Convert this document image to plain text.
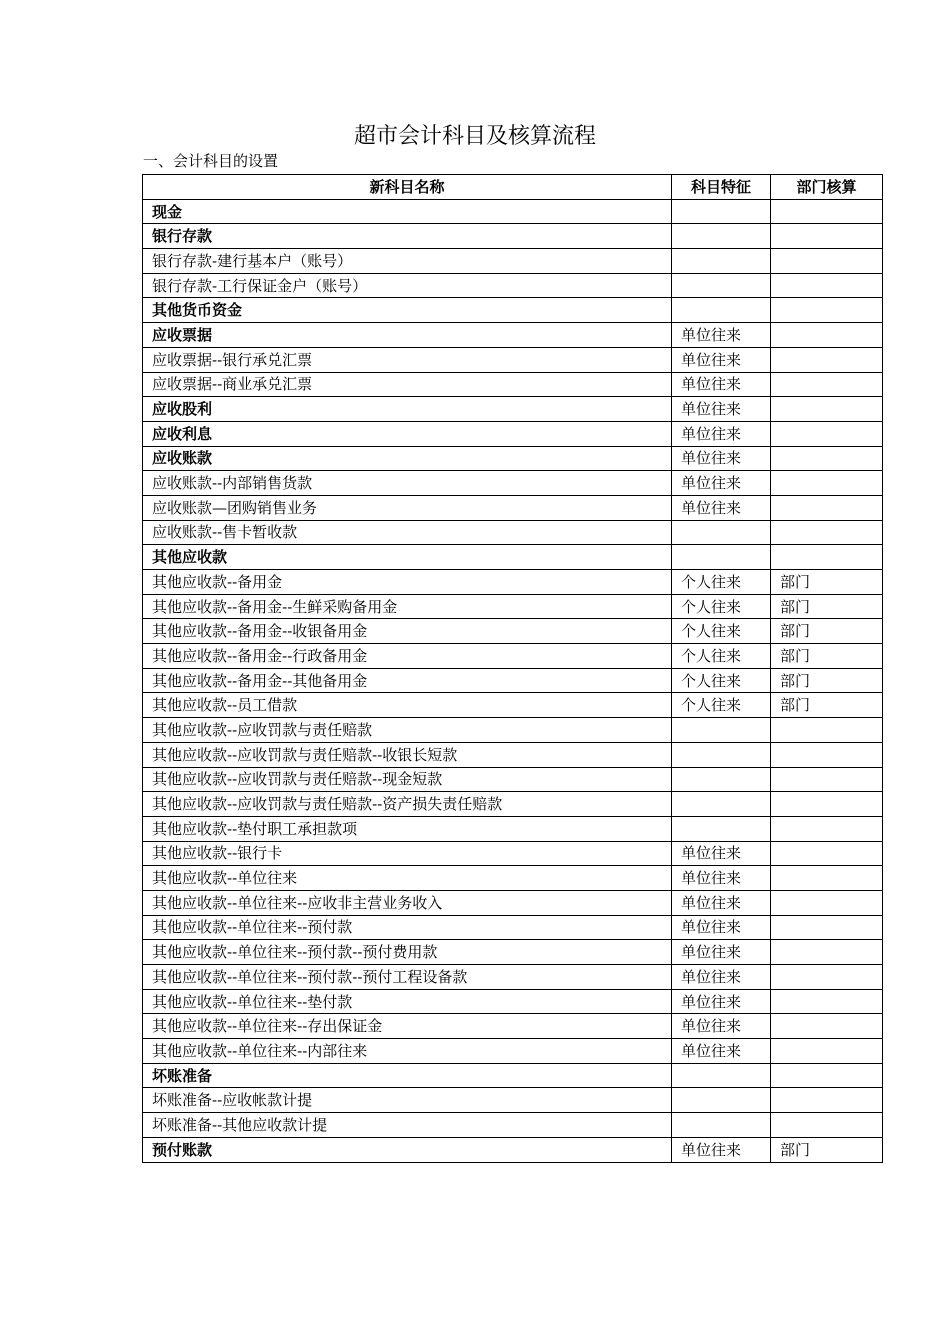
超市会计科目及核算流程
一、会计科目的设置
新科目名称	科目特征	部门核算
现金		
银行存款		
银行存款-建行基本户（账号）		
银行存款-工行保证金户（账号）		
其他货币资金		
应收票据	单位往来	
应收票据--银行承兑汇票	单位往来	
应收票据--商业承兑汇票	单位往来	
应收股利	单位往来	
应收利息	单位往来	
应收账款	单位往来	
应收账款--内部销售货款	单位往来	
应收账款—团购销售业务	单位往来	
应收账款--售卡暂收款		
其他应收款		
其他应收款--备用金	个人往来	部门
其他应收款--备用金--生鲜采购备用金	个人往来	部门
其他应收款--备用金--收银备用金	个人往来	部门
其他应收款--备用金--行政备用金	个人往来	部门
其他应收款--备用金--其他备用金	个人往来	部门
其他应收款--员工借款	个人往来	部门
其他应收款--应收罚款与责任赔款		
其他应收款--应收罚款与责任赔款--收银长短款		
其他应收款--应收罚款与责任赔款--现金短款		
其他应收款--应收罚款与责任赔款--资产损失责任赔款		
其他应收款--垫付职工承担款项		
其他应收款--银行卡	单位往来	
其他应收款--单位往来	单位往来	
其他应收款--单位往来--应收非主营业务收入	单位往来	
其他应收款--单位往来--预付款	单位往来	
其他应收款--单位往来--预付款--预付费用款	单位往来	
其他应收款--单位往来--预付款--预付工程设备款	单位往来	
其他应收款--单位往来--垫付款	单位往来	
其他应收款--单位往来--存出保证金	单位往来	
其他应收款--单位往来--内部往来	单位往来	
坏账准备		
坏账准备--应收帐款计提		
坏账准备--其他应收款计提		
预付账款	单位往来	部门
